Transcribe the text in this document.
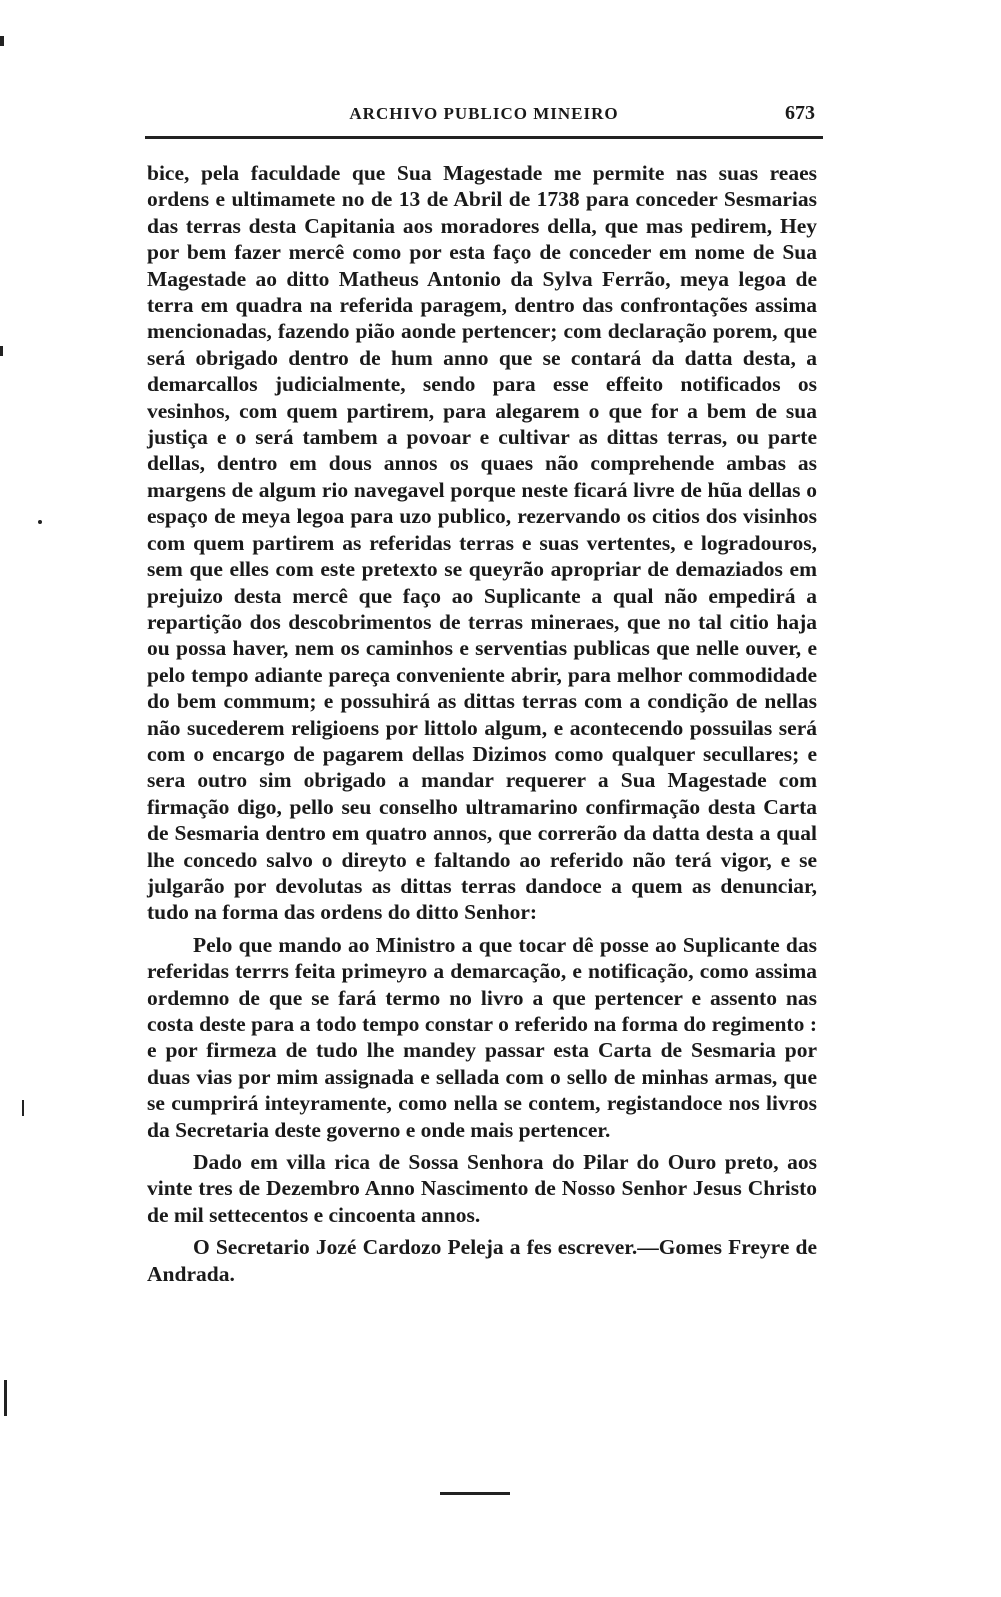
ARCHIVO PUBLICO MINEIRO	673

bice, pela faculdade que Sua Magestade me permite nas suas reaes ordens e ultimamete no de 13 de Abril de 1738 para conceder Sesmarias das terras desta Capitania aos moradores della, que mas pedirem, Hey por bem fazer mercê como por esta faço de conceder em nome de Sua Magestade ao ditto Matheus Antonio da Sylva Ferrão, meya legoa de terra em quadra na referida paragem, dentro das confrontações assima mencionadas, fazendo pião aonde pertencer; com declaração porem, que será obrigado dentro de hum anno que se contará da datta desta, a demarcallos judicialmente, sendo para esse effeito notificados os vesinhos, com quem partirem, para alegarem o que for a bem de sua justiça e o será tambem a povoar e cultivar as dittas terras, ou parte dellas, dentro em dous annos os quaes não comprehende ambas as margens de algum rio navegavel porque neste ficará livre de hũa dellas o espaço de meya legoa para uzo publico, rezervando os citios dos visinhos com quem partirem as referidas terras e suas vertentes, e logradouros, sem que elles com este pretexto se queyrão apropriar de demaziados em prejuizo desta mercê que faço ao Suplicante a qual não empedirá a repartição dos descobrimentos de terras mineraes, que no tal citio haja ou possa haver, nem os caminhos e serventias publicas que nelle ouver, e pelo tempo adiante pareça conveniente abrir, para melhor commodidade do bem commum; e possuhirá as dittas terras com a condição de nellas não sucederem religioens por littolo algum, e acontecendo possuilas será com o encargo de pagarem dellas Dizimos como qualquer secullares; e sera outro sim obrigado a mandar requerer a Sua Magestade com firmação digo, pello seu conselho ultramarino confirmação desta Carta de Sesmaria dentro em quatro annos, que correrão da datta desta a qual lhe concedo salvo o direyto e faltando ao referido não terá vigor, e se julgarão por devolutas as dittas terras dandoce a quem as denunciar, tudo na forma das ordens do ditto Senhor:

Pelo que mando ao Ministro a que tocar dê posse ao Suplicante das referidas terrrs feita primeyro a demarcação, e notificação, como assima ordemno de que se fará termo no livro a que pertencer e assento nas costa deste para a todo tempo constar o referido na forma do regimento : e por firmeza de tudo lhe mandey passar esta Carta de Sesmaria por duas vias por mim assignada e sellada com o sello de minhas armas, que se cumprirá inteyramente, como nella se contem, registandoce nos livros da Secretaria deste governo e onde mais pertencer.

Dado em villa rica de Sossa Senhora do Pilar do Ouro preto, aos vinte tres de Dezembro Anno Nascimento de Nosso Senhor Jesus Christo de mil settecentos e cincoenta annos.

O Secretario Jozé Cardozo Peleja a fes escrever.—Gomes Freyre de Andrada.
